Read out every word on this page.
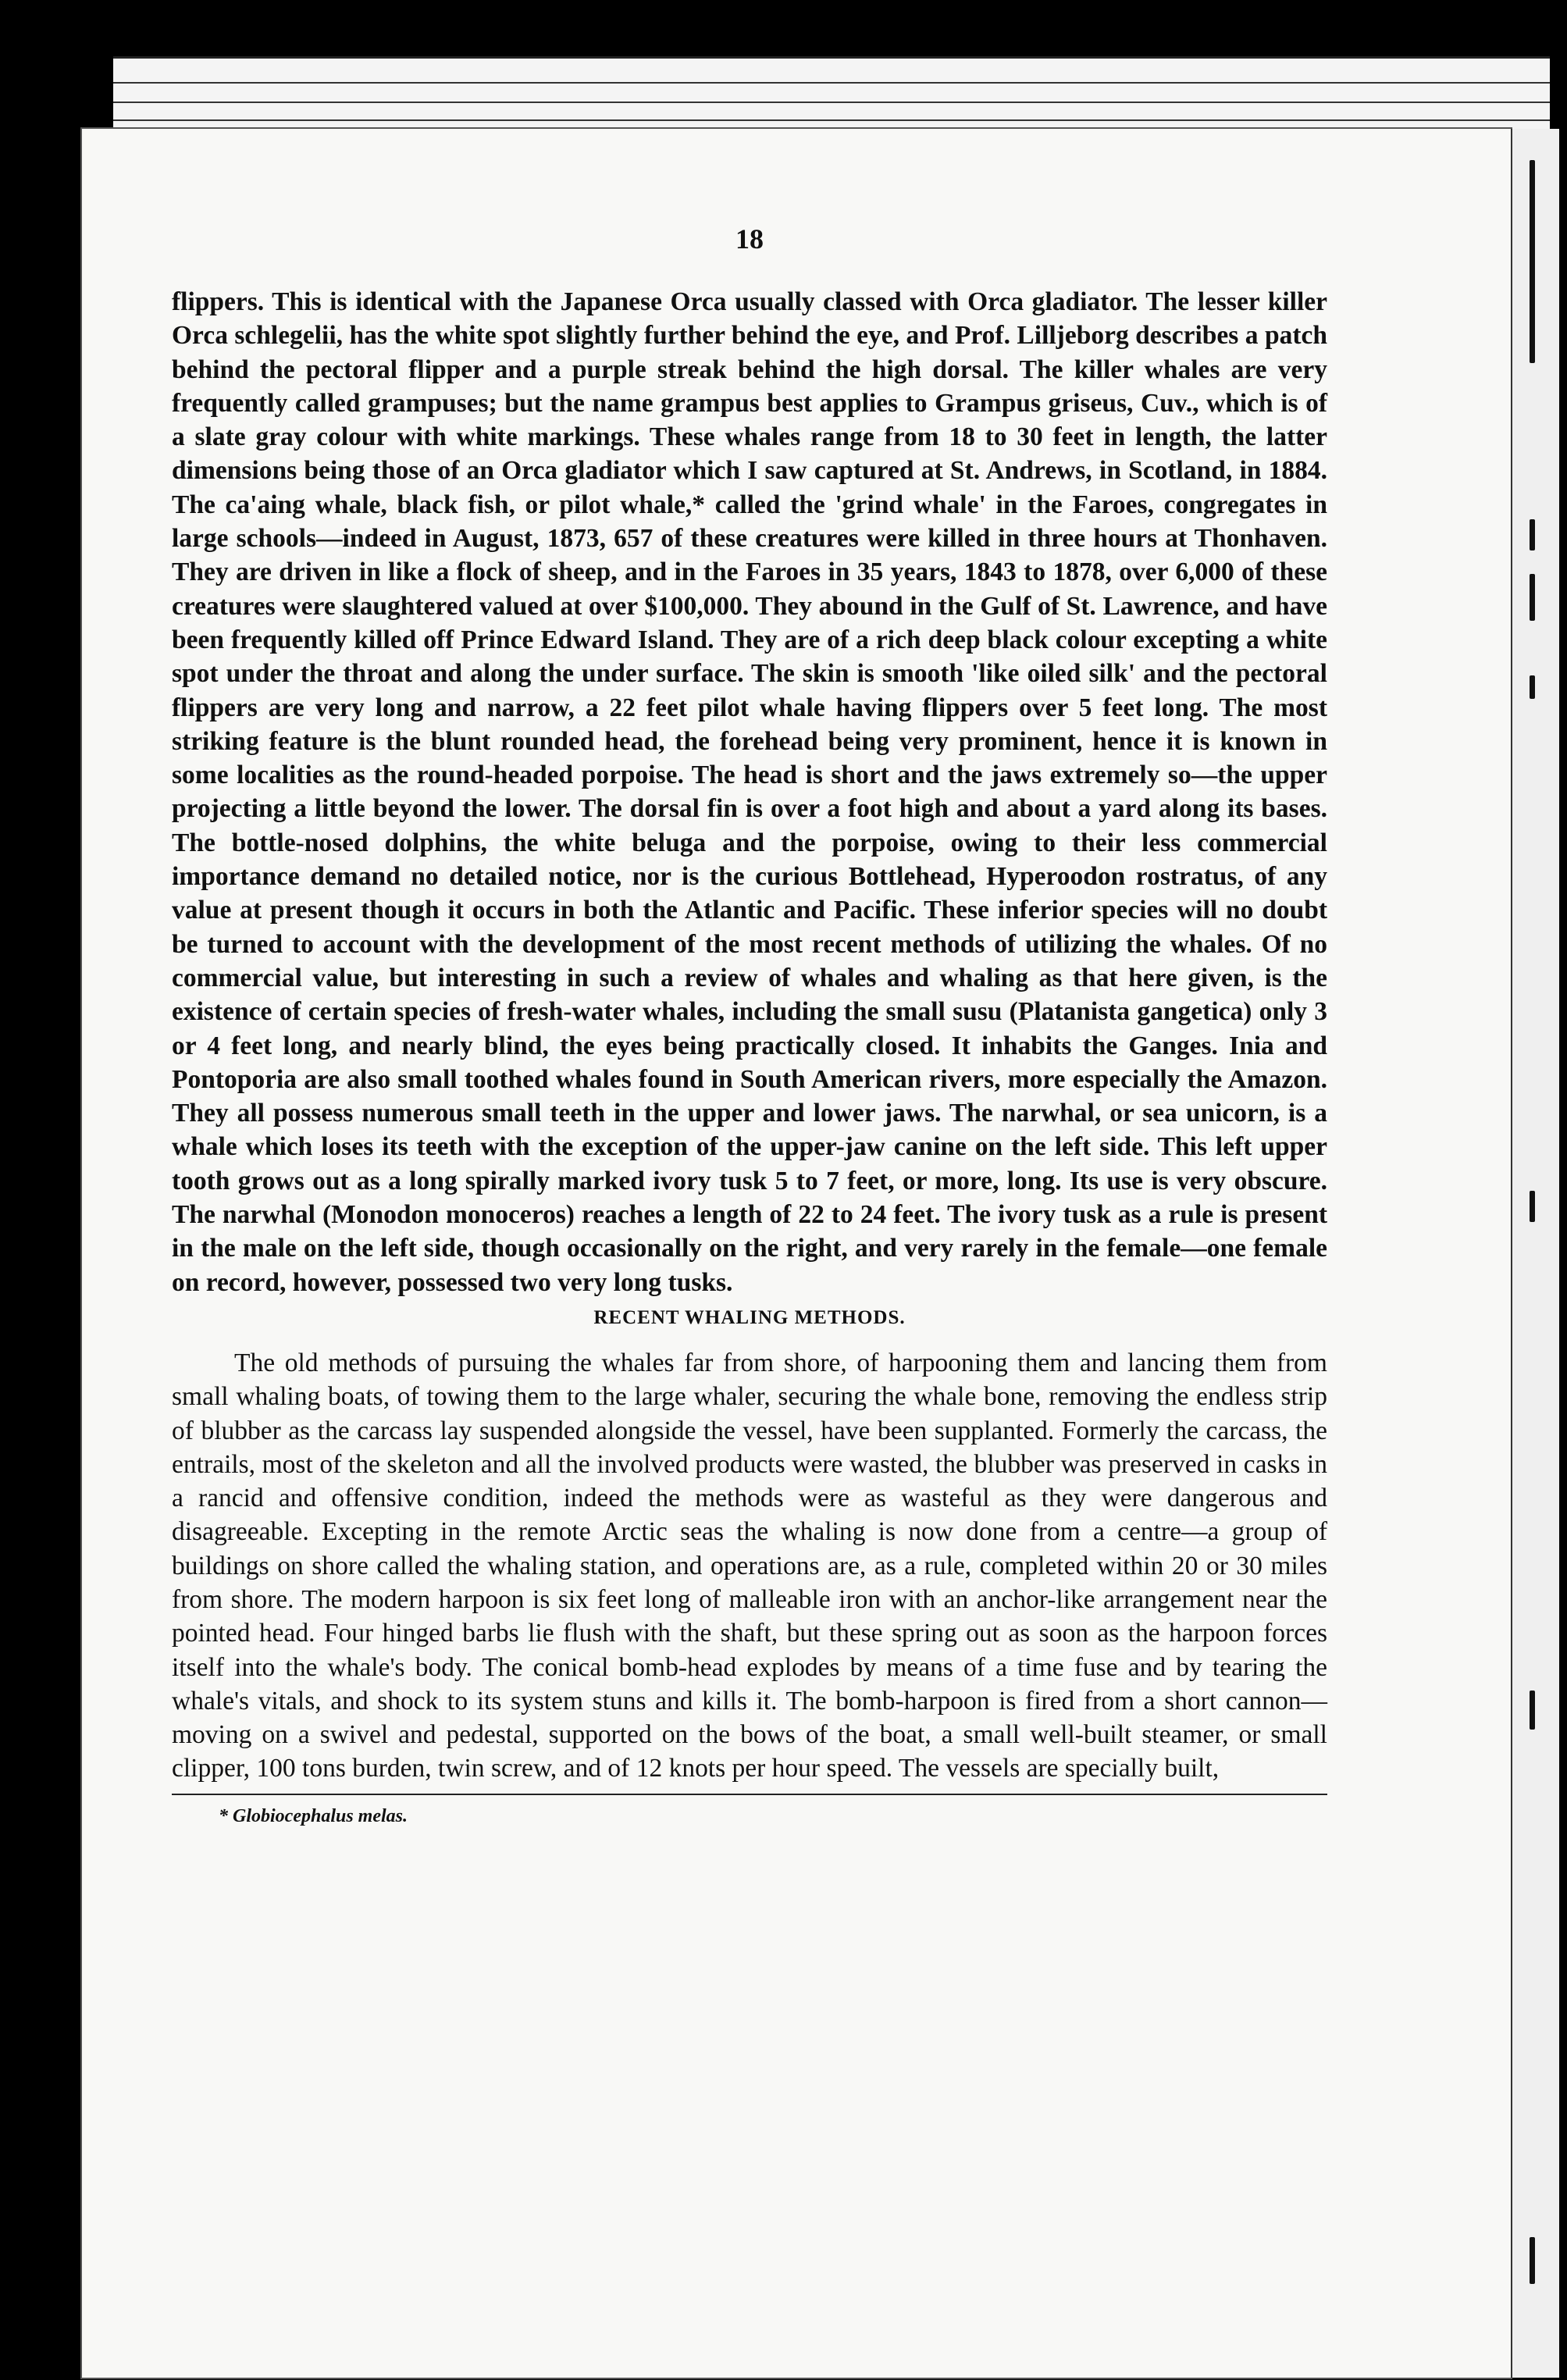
18

flippers. This is identical with the Japanese Orca usually classed with Orca gladiator. The lesser killer Orca schlegelii, has the white spot slightly further behind the eye, and Prof. Lilljeborg describes a patch behind the pectoral flipper and a purple streak behind the high dorsal. The killer whales are very frequently called grampuses; but the name grampus best applies to Grampus griseus, Cuv., which is of a slate gray colour with white markings. These whales range from 18 to 30 feet in length, the latter dimensions being those of an Orca gladiator which I saw captured at St. Andrews, in Scotland, in 1884. The ca'aing whale, black fish, or pilot whale,* called the 'grind whale' in the Faroes, congregates in large schools—indeed in August, 1873, 657 of these creatures were killed in three hours at Thonhaven. They are driven in like a flock of sheep, and in the Faroes in 35 years, 1843 to 1878, over 6,000 of these creatures were slaughtered valued at over $100,000. They abound in the Gulf of St. Lawrence, and have been frequently killed off Prince Edward Island. They are of a rich deep black colour excepting a white spot under the throat and along the under surface. The skin is smooth 'like oiled silk' and the pectoral flippers are very long and narrow, a 22 feet pilot whale having flippers over 5 feet long. The most striking feature is the blunt rounded head, the forehead being very prominent, hence it is known in some localities as the round-headed porpoise. The head is short and the jaws extremely so—the upper projecting a little beyond the lower. The dorsal fin is over a foot high and about a yard along its bases. The bottle-nosed dolphins, the white beluga and the porpoise, owing to their less commercial importance demand no detailed notice, nor is the curious Bottlehead, Hyperoodon rostratus, of any value at present though it occurs in both the Atlantic and Pacific. These inferior species will no doubt be turned to account with the development of the most recent methods of utilizing the whales. Of no commercial value, but interesting in such a review of whales and whaling as that here given, is the existence of certain species of fresh-water whales, including the small susu (Platanista gangetica) only 3 or 4 feet long, and nearly blind, the eyes being practically closed. It inhabits the Ganges. Inia and Pontoporia are also small toothed whales found in South American rivers, more especially the Amazon. They all possess numerous small teeth in the upper and lower jaws. The narwhal, or sea unicorn, is a whale which loses its teeth with the exception of the upper-jaw canine on the left side. This left upper tooth grows out as a long spirally marked ivory tusk 5 to 7 feet, or more, long. Its use is very obscure. The narwhal (Monodon monoceros) reaches a length of 22 to 24 feet. The ivory tusk as a rule is present in the male on the left side, though occasionally on the right, and very rarely in the female—one female on record, however, possessed two very long tusks.

RECENT WHALING METHODS.

The old methods of pursuing the whales far from shore, of harpooning them and lancing them from small whaling boats, of towing them to the large whaler, securing the whale bone, removing the endless strip of blubber as the carcass lay suspended alongside the vessel, have been supplanted. Formerly the carcass, the entrails, most of the skeleton and all the involved products were wasted, the blubber was preserved in casks in a rancid and offensive condition, indeed the methods were as wasteful as they were dangerous and disagreeable. Excepting in the remote Arctic seas the whaling is now done from a centre—a group of buildings on shore called the whaling station, and operations are, as a rule, completed within 20 or 30 miles from shore. The modern harpoon is six feet long of malleable iron with an anchor-like arrangement near the pointed head. Four hinged barbs lie flush with the shaft, but these spring out as soon as the harpoon forces itself into the whale's body. The conical bomb-head explodes by means of a time fuse and by tearing the whale's vitals, and shock to its system stuns and kills it. The bomb-harpoon is fired from a short cannon—moving on a swivel and pedestal, supported on the bows of the boat, a small well-built steamer, or small clipper, 100 tons burden, twin screw, and of 12 knots per hour speed. The vessels are specially built,

* Globiocephalus melas.
